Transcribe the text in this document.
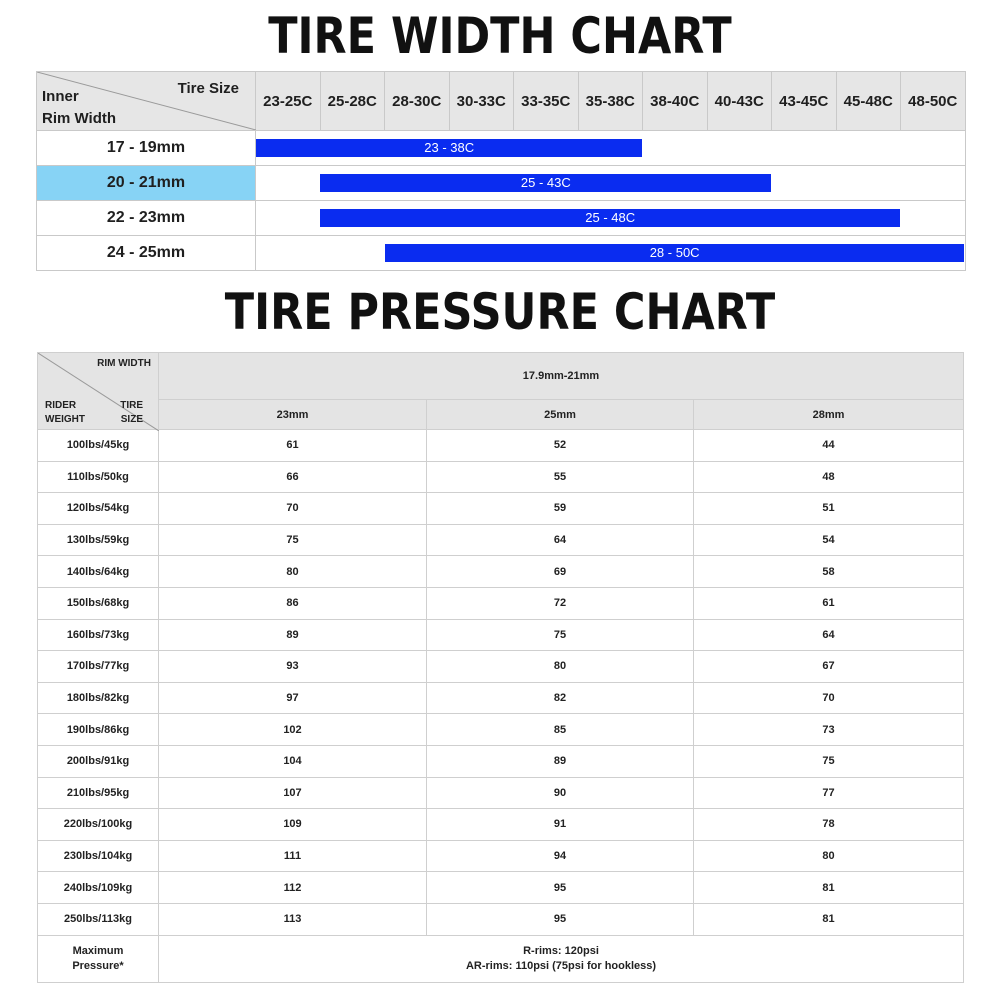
TIRE WIDTH CHART
Tire Size
Inner
Rim Width	23-25C	25-28C	28-30C	30-33C	33-35C	35-38C	38-40C	40-43C	43-45C	45-48C	48-50C
17 - 19mm	23 - 38C										

20 - 21mm	25 - 43C										

22 - 23mm	25 - 48C										

24 - 25mm	28 - 50C										
TIRE PRESSURE CHART
RIM WIDTH
RIDER
WEIGHT
TIRE
SIZE	17.9mm-21mm		
	23mm	25mm	28mm
100lbs/45kg	61	52	44
110lbs/50kg	66	55	48
120lbs/54kg	70	59	51
130lbs/59kg	75	64	54
140lbs/64kg	80	69	58
150lbs/68kg	86	72	61
160lbs/73kg	89	75	64
170lbs/77kg	93	80	67
180lbs/82kg	97	82	70
190lbs/86kg	102	85	73
200lbs/91kg	104	89	75
210lbs/95kg	107	90	77
220lbs/100kg	109	91	78
230lbs/104kg	111	94	80
240lbs/109kg	112	95	81
250lbs/113kg	113	95	81
Maximum
Pressure*	R-rims: 120psi
AR-rims: 110psi (75psi for hookless)		
